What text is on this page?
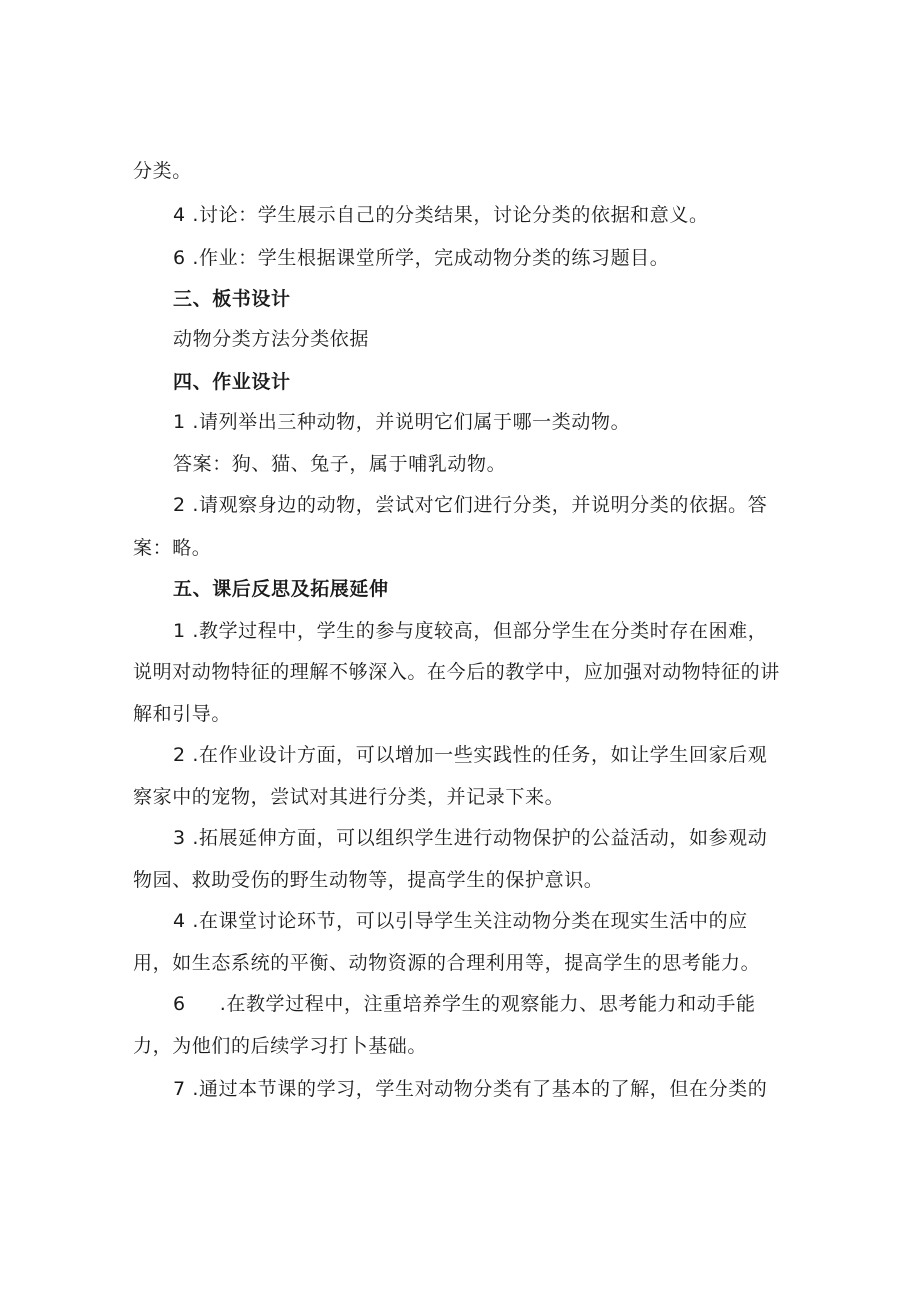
分类。
4 .讨论：学生展示自己的分类结果，讨论分类的依据和意义。
6 .作业：学生根据课堂所学，完成动物分类的练习题目。
三、板书设计
动物分类方法分类依据
四、作业设计
1 .请列举出三种动物，并说明它们属于哪一类动物。
答案：狗、猫、兔子，属于哺乳动物。
2 .请观察身边的动物，尝试对它们进行分类，并说明分类的依据。答
案：略。
五、课后反思及拓展延伸
1 .教学过程中，学生的参与度较高，但部分学生在分类时存在困难，
说明对动物特征的理解不够深入。在今后的教学中，应加强对动物特征的讲
解和引导。
2 .在作业设计方面，可以增加一些实践性的任务，如让学生回家后观
察家中的宠物，尝试对其进行分类，并记录下来。
3 .拓展延伸方面，可以组织学生进行动物保护的公益活动，如参观动
物园、救助受伤的野生动物等，提高学生的保护意识。
4 .在课堂讨论环节，可以引导学生关注动物分类在现实生活中的应
用，如生态系统的平衡、动物资源的合理利用等，提高学生的思考能力。
6 .在教学过程中，注重培养学生的观察能力、思考能力和动手能
力，为他们的后续学习打卜基础。
7 .通过本节课的学习，学生对动物分类有了基本的了解，但在分类的
